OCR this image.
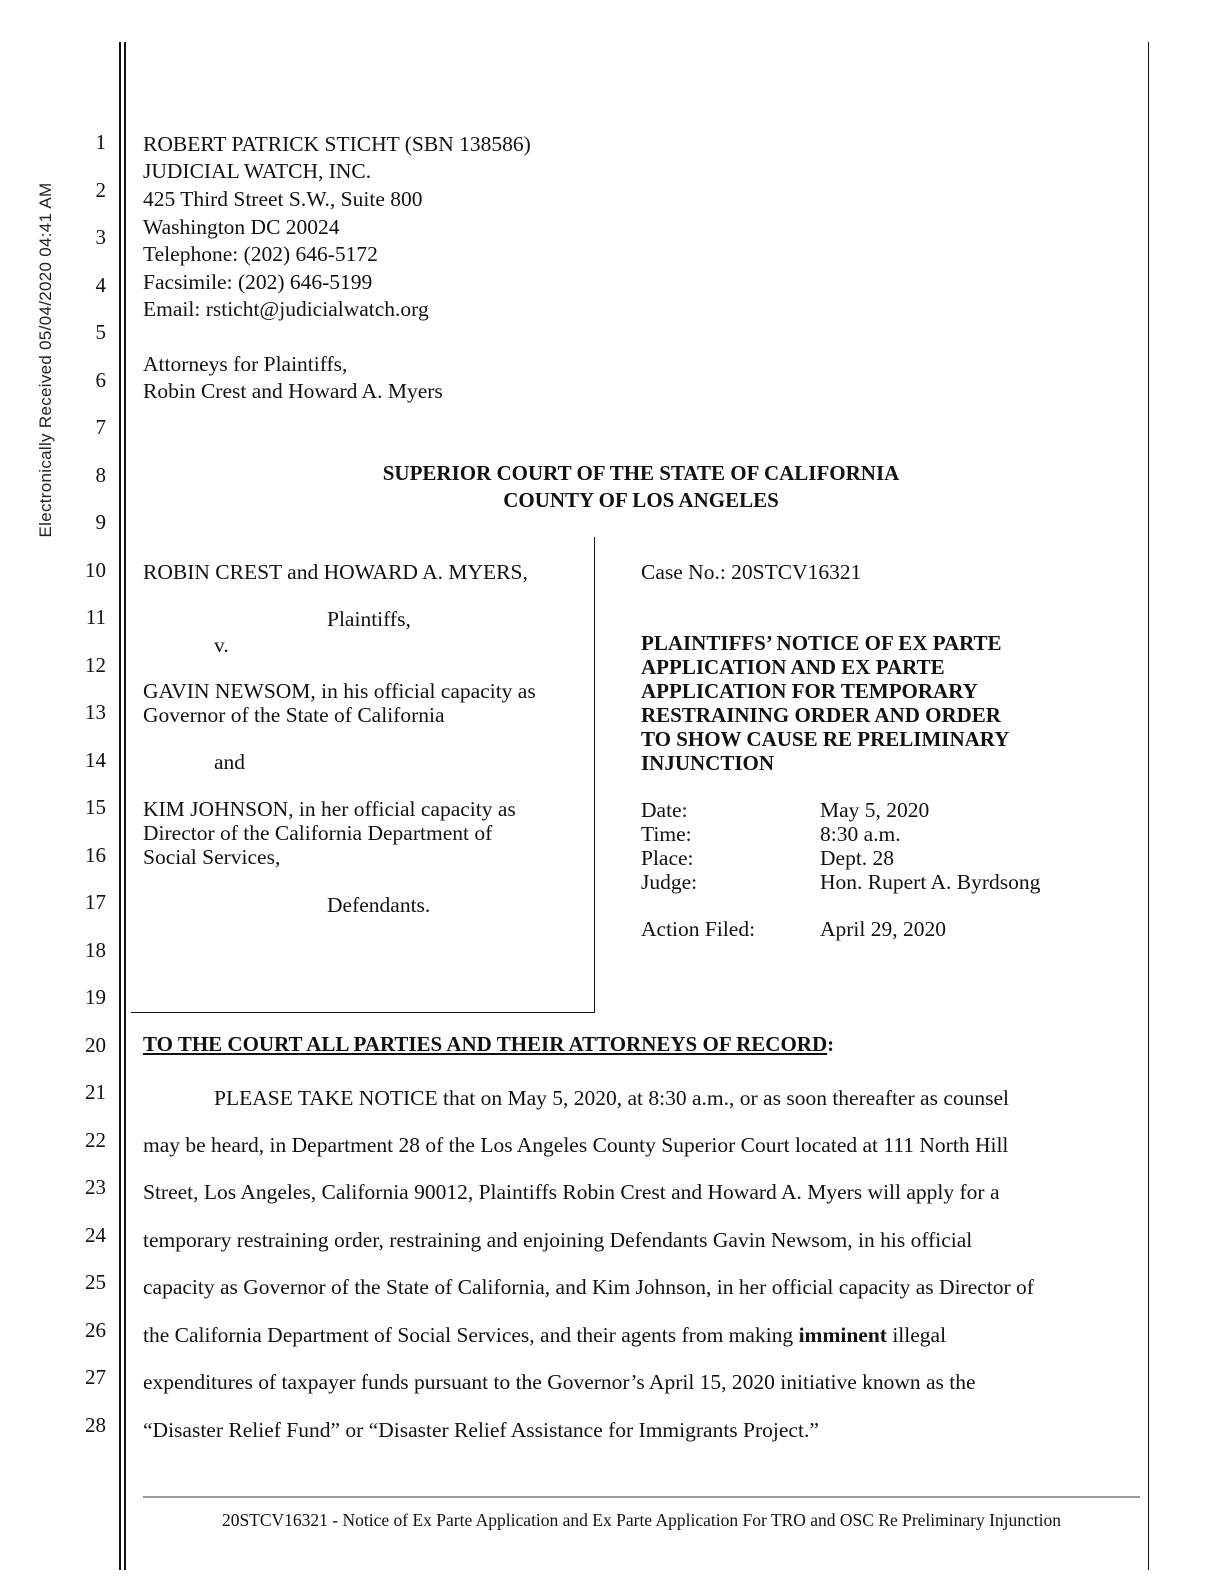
Electronically Received 05/04/2020 04:41 AM
1
2
3
4
5
6
7
8
9
10
11
12
13
14
15
16
17
18
19
20
21
22
23
24
25
26
27
28
ROBERT PATRICK STICHT (SBN 138586)
JUDICIAL WATCH, INC.
425 Third Street S.W., Suite 800
Washington DC 20024
Telephone: (202) 646-5172
Facsimile: (202) 646-5199
Email: rsticht@judicialwatch.org
Attorneys for Plaintiffs,
Robin Crest and Howard A. Myers
SUPERIOR COURT OF THE STATE OF CALIFORNIA
COUNTY OF LOS ANGELES
ROBIN CREST and HOWARD A. MYERS,
Plaintiffs,
v.
GAVIN NEWSOM, in his official capacity as
Governor of the State of California
and
KIM JOHNSON, in her official capacity as
Director of the California Department of
Social Services,
Defendants.
Case No.: 20STCV16321
PLAINTIFFS’ NOTICE OF EX PARTE
APPLICATION AND EX PARTE
APPLICATION FOR TEMPORARY
RESTRAINING ORDER AND ORDER
TO SHOW CAUSE RE PRELIMINARY
INJUNCTION
Date:	May 5, 2020
Time:	8:30 a.m.
Place:	Dept. 28
Judge:	Hon. Rupert A. Byrdsong
Action Filed:	April 29, 2020
TO THE COURT ALL PARTIES AND THEIR ATTORNEYS OF RECORD:
PLEASE TAKE NOTICE that on May 5, 2020, at 8:30 a.m., or as soon thereafter as counsel
may be heard, in Department 28 of the Los Angeles County Superior Court located at 111 North Hill
Street, Los Angeles, California 90012, Plaintiffs Robin Crest and Howard A. Myers will apply for a
temporary restraining order, restraining and enjoining Defendants Gavin Newsom, in his official
capacity as Governor of the State of California, and Kim Johnson, in her official capacity as Director of
the California Department of Social Services, and their agents from making imminent illegal
expenditures of taxpayer funds pursuant to the Governor’s April 15, 2020 initiative known as the
“Disaster Relief Fund” or “Disaster Relief Assistance for Immigrants Project.”
20STCV16321 - Notice of Ex Parte Application and Ex Parte Application For TRO and OSC Re Preliminary Injunction
